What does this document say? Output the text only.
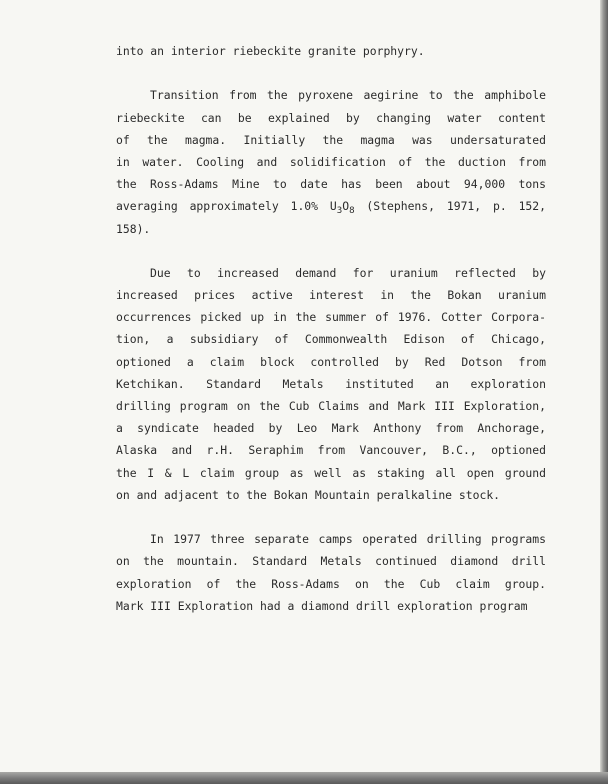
into an interior riebeckite granite porphyry.
Transition from the pyroxene aegirine to the amphibole
riebeckite can be explained by changing water content
of the magma. Initially the magma was undersaturated
in water. Cooling and solidification of the duction from
the Ross-Adams Mine to date has been about 94,000 tons
averaging approximately 1.0% $U_3O_8$ (Stephens, 1971, p. 152,
158).
Due to increased demand for uranium reflected by
increased prices active interest in the Bokan uranium
occurrences picked up in the summer of 1976. Cotter Corpora-
tion, a subsidiary of Commonwealth Edison of Chicago,
optioned a claim block controlled by Red Dotson from
Ketchikan. Standard Metals instituted an exploration
drilling program on the Cub Claims and Mark III Exploration,
a syndicate headed by Leo Mark Anthony from Anchorage,
Alaska and r.H. Seraphim from Vancouver, B.C., optioned
the I & L claim group as well as staking all open ground
on and adjacent to the Bokan Mountain peralkaline stock.
In 1977 three separate camps operated drilling programs
on the mountain. Standard Metals continued diamond drill
exploration of the Ross-Adams on the Cub claim group.
Mark III Exploration had a diamond drill exploration program
